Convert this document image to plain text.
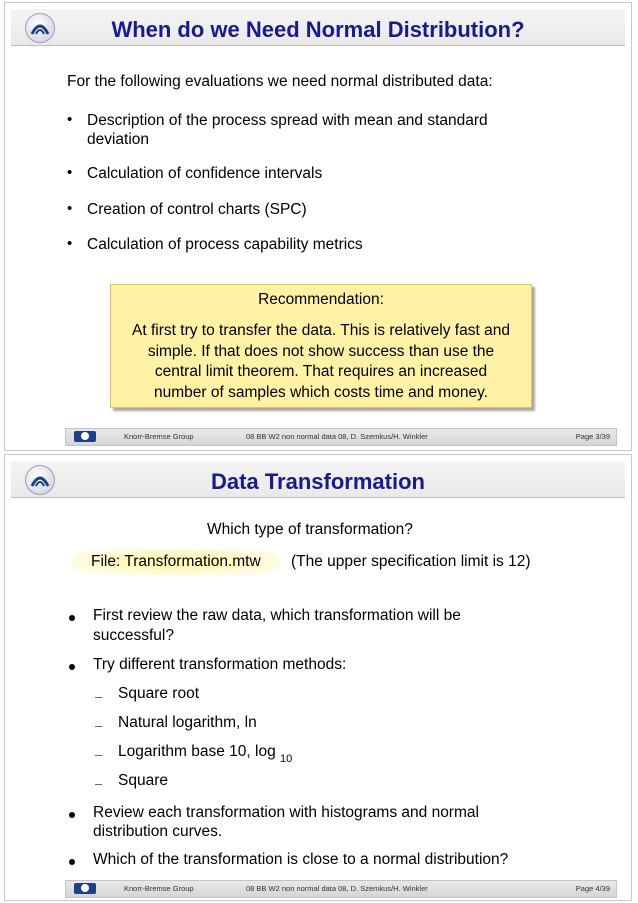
When do we Need Normal Distribution?
For the following evaluations we need normal distributed data:
• Description of the process spread with mean and standard
deviation
• Calculation of confidence intervals
• Creation of control charts (SPC)
• Calculation of process capability metrics
Recommendation:
At first try to transfer the data. This is relatively fast and
simple. If that does not show success than use the
central limit theorem. That requires an increased
number of samples which costs time and money.
Knorr-Bremse Group	08 BB W2 non normal data 08, D. Szemkus/H. Winkler	Page 3/39
Data Transformation
Which type of transformation?
File: Transformation.mtw (The upper specification limit is 12)
First review the raw data, which transformation will be
successful?
Try different transformation methods:
– Square root
– Natural logarithm, ln
– Logarithm base 10, log $_{10}$
– Square
Review each transformation with histograms and normal
distribution curves.
Which of the transformation is close to a normal distribution?
Knorr-Bremse Group	08 BB W2 non normal data 08, D. Szemkus/H. Winkler	Page 4/39
